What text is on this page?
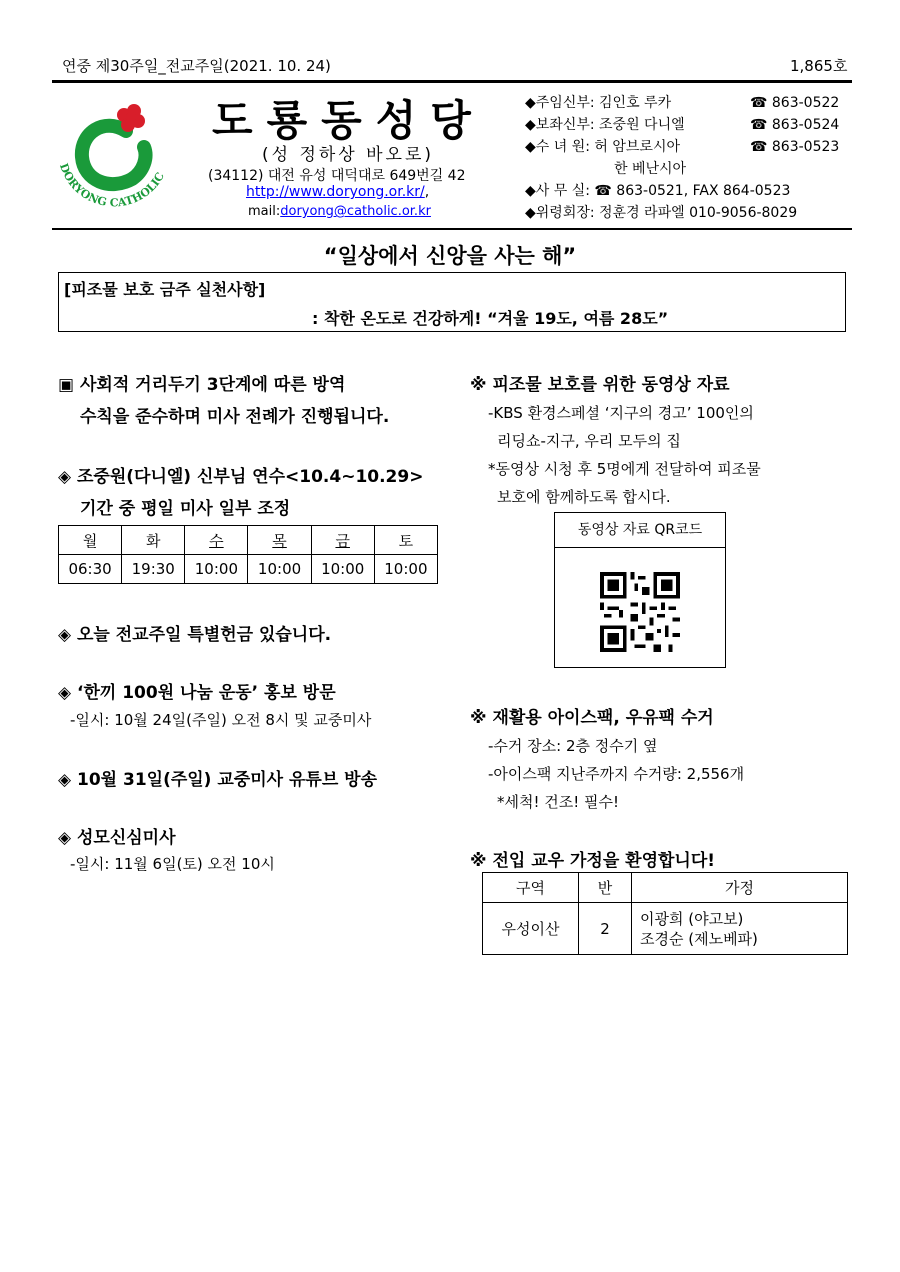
연중 제30주일_전교주일(2021. 10. 24)	1,865호
DORYONG CATHOLIC
도룡동성당
(성 정하상 바오로)
(34112) 대전 유성 대덕대로 649번길 42
http://www.doryong.or.kr/,
mail:doryong@catholic.or.kr
◆주임신부: 김인호 루카	☎ 863-0522
◆보좌신부: 조중원 다니엘	☎ 863-0524
◆수 녀 원: 허 암브로시아	☎ 863-0523
한 베난시아
◆사 무 실: ☎ 863-0521, FAX 864-0523
◆위령회장: 정훈경 라파엘 010-9056-8029
“일상에서 신앙을 사는 해”
[피조물 보호 금주 실천사항]
: 착한 온도로 건강하게! “겨울 19도, 여름 28도”
▣ 사회적 거리두기 3단계에 따른 방역
수칙을 준수하며 미사 전례가 진행됩니다.
◈ 조중원(다니엘) 신부님 연수<10.4~10.29>
기간 중 평일 미사 일부 조정
월	화	수	목	금	토
06:30	19:30	10:00	10:00	10:00	10:00
◈ 오늘 전교주일 특별헌금 있습니다.
◈ ‘한끼 100원 나눔 운동’ 홍보 방문
-일시: 10월 24일(주일) 오전 8시 및 교중미사
◈ 10월 31일(주일) 교중미사 유튜브 방송
◈ 성모신심미사
-일시: 11월 6일(토) 오전 10시
※ 피조물 보호를 위한 동영상 자료
-KBS 환경스페셜 ‘지구의 경고’ 100인의
리딩쇼-지구, 우리 모두의 집
*동영상 시청 후 5명에게 전달하여 피조물
보호에 함께하도록 합시다.
동영상 자료 QR코드
※ 재활용 아이스팩, 우유팩 수거
-수거 장소: 2층 정수기 옆
-아이스팩 지난주까지 수거량: 2,556개
*세척! 건조! 필수!
※ 전입 교우 가정을 환영합니다!
구역	반	가정
우성이산	2	이광희 (야고보)
조경순 (제노베파)
